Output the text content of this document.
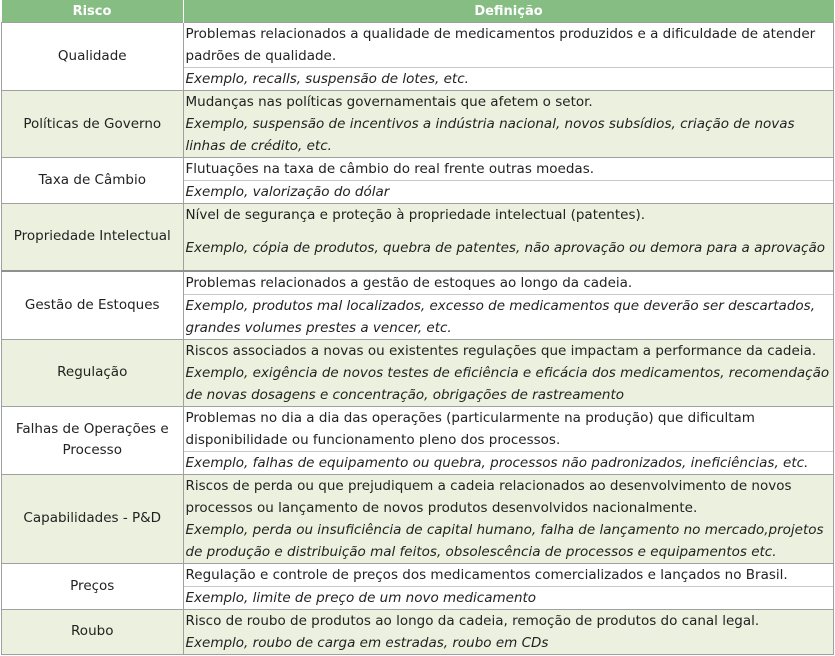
Risco	Definição
Qualidade	Problemas relacionados a qualidade de medicamentos produzidos e a dificuldade de atender padrões de qualidade.
Exemplo, recalls, suspensão de lotes, etc.

Políticas de Governo	Mudanças nas políticas governamentais que afetem o setor.
Exemplo, suspensão de incentivos a indústria nacional, novos subsídios, criação de novas linhas de crédito, etc.

Taxa de Câmbio	Flutuações na taxa de câmbio do real frente outras moedas.
Exemplo, valorização do dólar

Propriedade Intelectual	Nível de segurança e proteção à propriedade intelectual (patentes).
Exemplo, cópia de produtos, quebra de patentes, não aprovação ou demora para a aprovação

Gestão de Estoques	Problemas relacionados a gestão de estoques ao longo da cadeia.
Exemplo, produtos mal localizados, excesso de medicamentos que deverão ser descartados, grandes volumes prestes a vencer, etc.

Regulação	Riscos associados a novas ou existentes regulações que impactam a performance da cadeia.
Exemplo, exigência de novos testes de eficiência e eficácia dos medicamentos, recomendação de novas dosagens e concentração, obrigações de rastreamento

Falhas de Operações e Processo	Problemas no dia a dia das operações (particularmente na produção) que dificultam disponibilidade ou funcionamento pleno dos processos.
Exemplo, falhas de equipamento ou quebra, processos não padronizados, ineficiências, etc.

Capabilidades - P&D	Riscos de perda ou que prejudiquem a cadeia relacionados ao desenvolvimento de novos processos ou lançamento de novos produtos desenvolvidos nacionalmente.
Exemplo, perda ou insuficiência de capital humano, falha de lançamento no mercado,projetos de produção e distribuição mal feitos, obsolescência de processos e equipamentos etc.

Preços	Regulação e controle de preços dos medicamentos comercializados e lançados no Brasil.
Exemplo, limite de preço de um novo medicamento

Roubo	Risco de roubo de produtos ao longo da cadeia, remoção de produtos do canal legal.
Exemplo, roubo de carga em estradas, roubo em CDs
